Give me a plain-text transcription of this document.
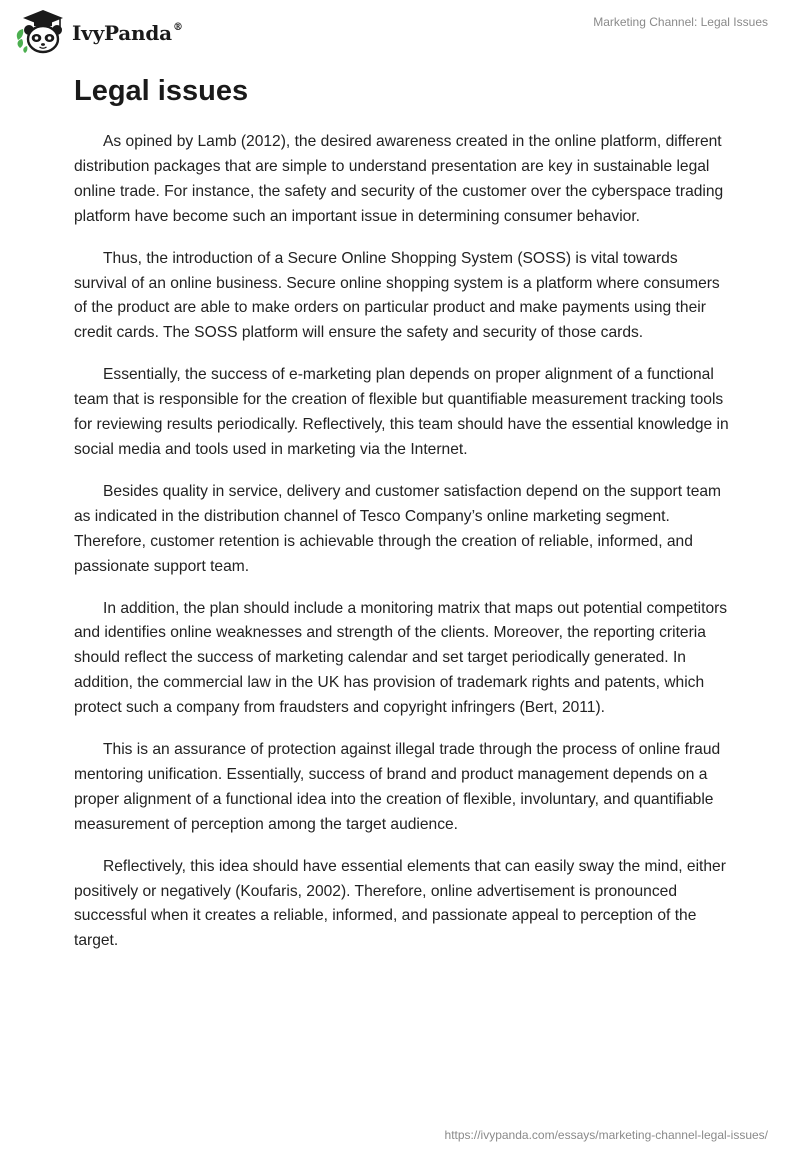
IvyPanda®	Marketing Channel: Legal Issues
Legal issues

As opined by Lamb (2012), the desired awareness created in the online platform, different distribution packages that are simple to understand presentation are key in sustainable legal online trade. For instance, the safety and security of the customer over the cyberspace trading platform have become such an important issue in determining consumer behavior.

Thus, the introduction of a Secure Online Shopping System (SOSS) is vital towards survival of an online business. Secure online shopping system is a platform where consumers of the product are able to make orders on particular product and make payments using their credit cards. The SOSS platform will ensure the safety and security of those cards.

Essentially, the success of e-marketing plan depends on proper alignment of a functional team that is responsible for the creation of flexible but quantifiable measurement tracking tools for reviewing results periodically. Reflectively, this team should have the essential knowledge in social media and tools used in marketing via the Internet.

Besides quality in service, delivery and customer satisfaction depend on the support team as indicated in the distribution channel of Tesco Company’s online marketing segment. Therefore, customer retention is achievable through the creation of reliable, informed, and passionate support team.

In addition, the plan should include a monitoring matrix that maps out potential competitors and identifies online weaknesses and strength of the clients. Moreover, the reporting criteria should reflect the success of marketing calendar and set target periodically generated. In addition, the commercial law in the UK has provision of trademark rights and patents, which protect such a company from fraudsters and copyright infringers (Bert, 2011).

This is an assurance of protection against illegal trade through the process of online fraud mentoring unification. Essentially, success of brand and product management depends on a proper alignment of a functional idea into the creation of flexible, involuntary, and quantifiable measurement of perception among the target audience.

Reflectively, this idea should have essential elements that can easily sway the mind, either positively or negatively (Koufaris, 2002). Therefore, online advertisement is pronounced successful when it creates a reliable, informed, and passionate appeal to perception of the target.

https://ivypanda.com/essays/marketing-channel-legal-issues/
